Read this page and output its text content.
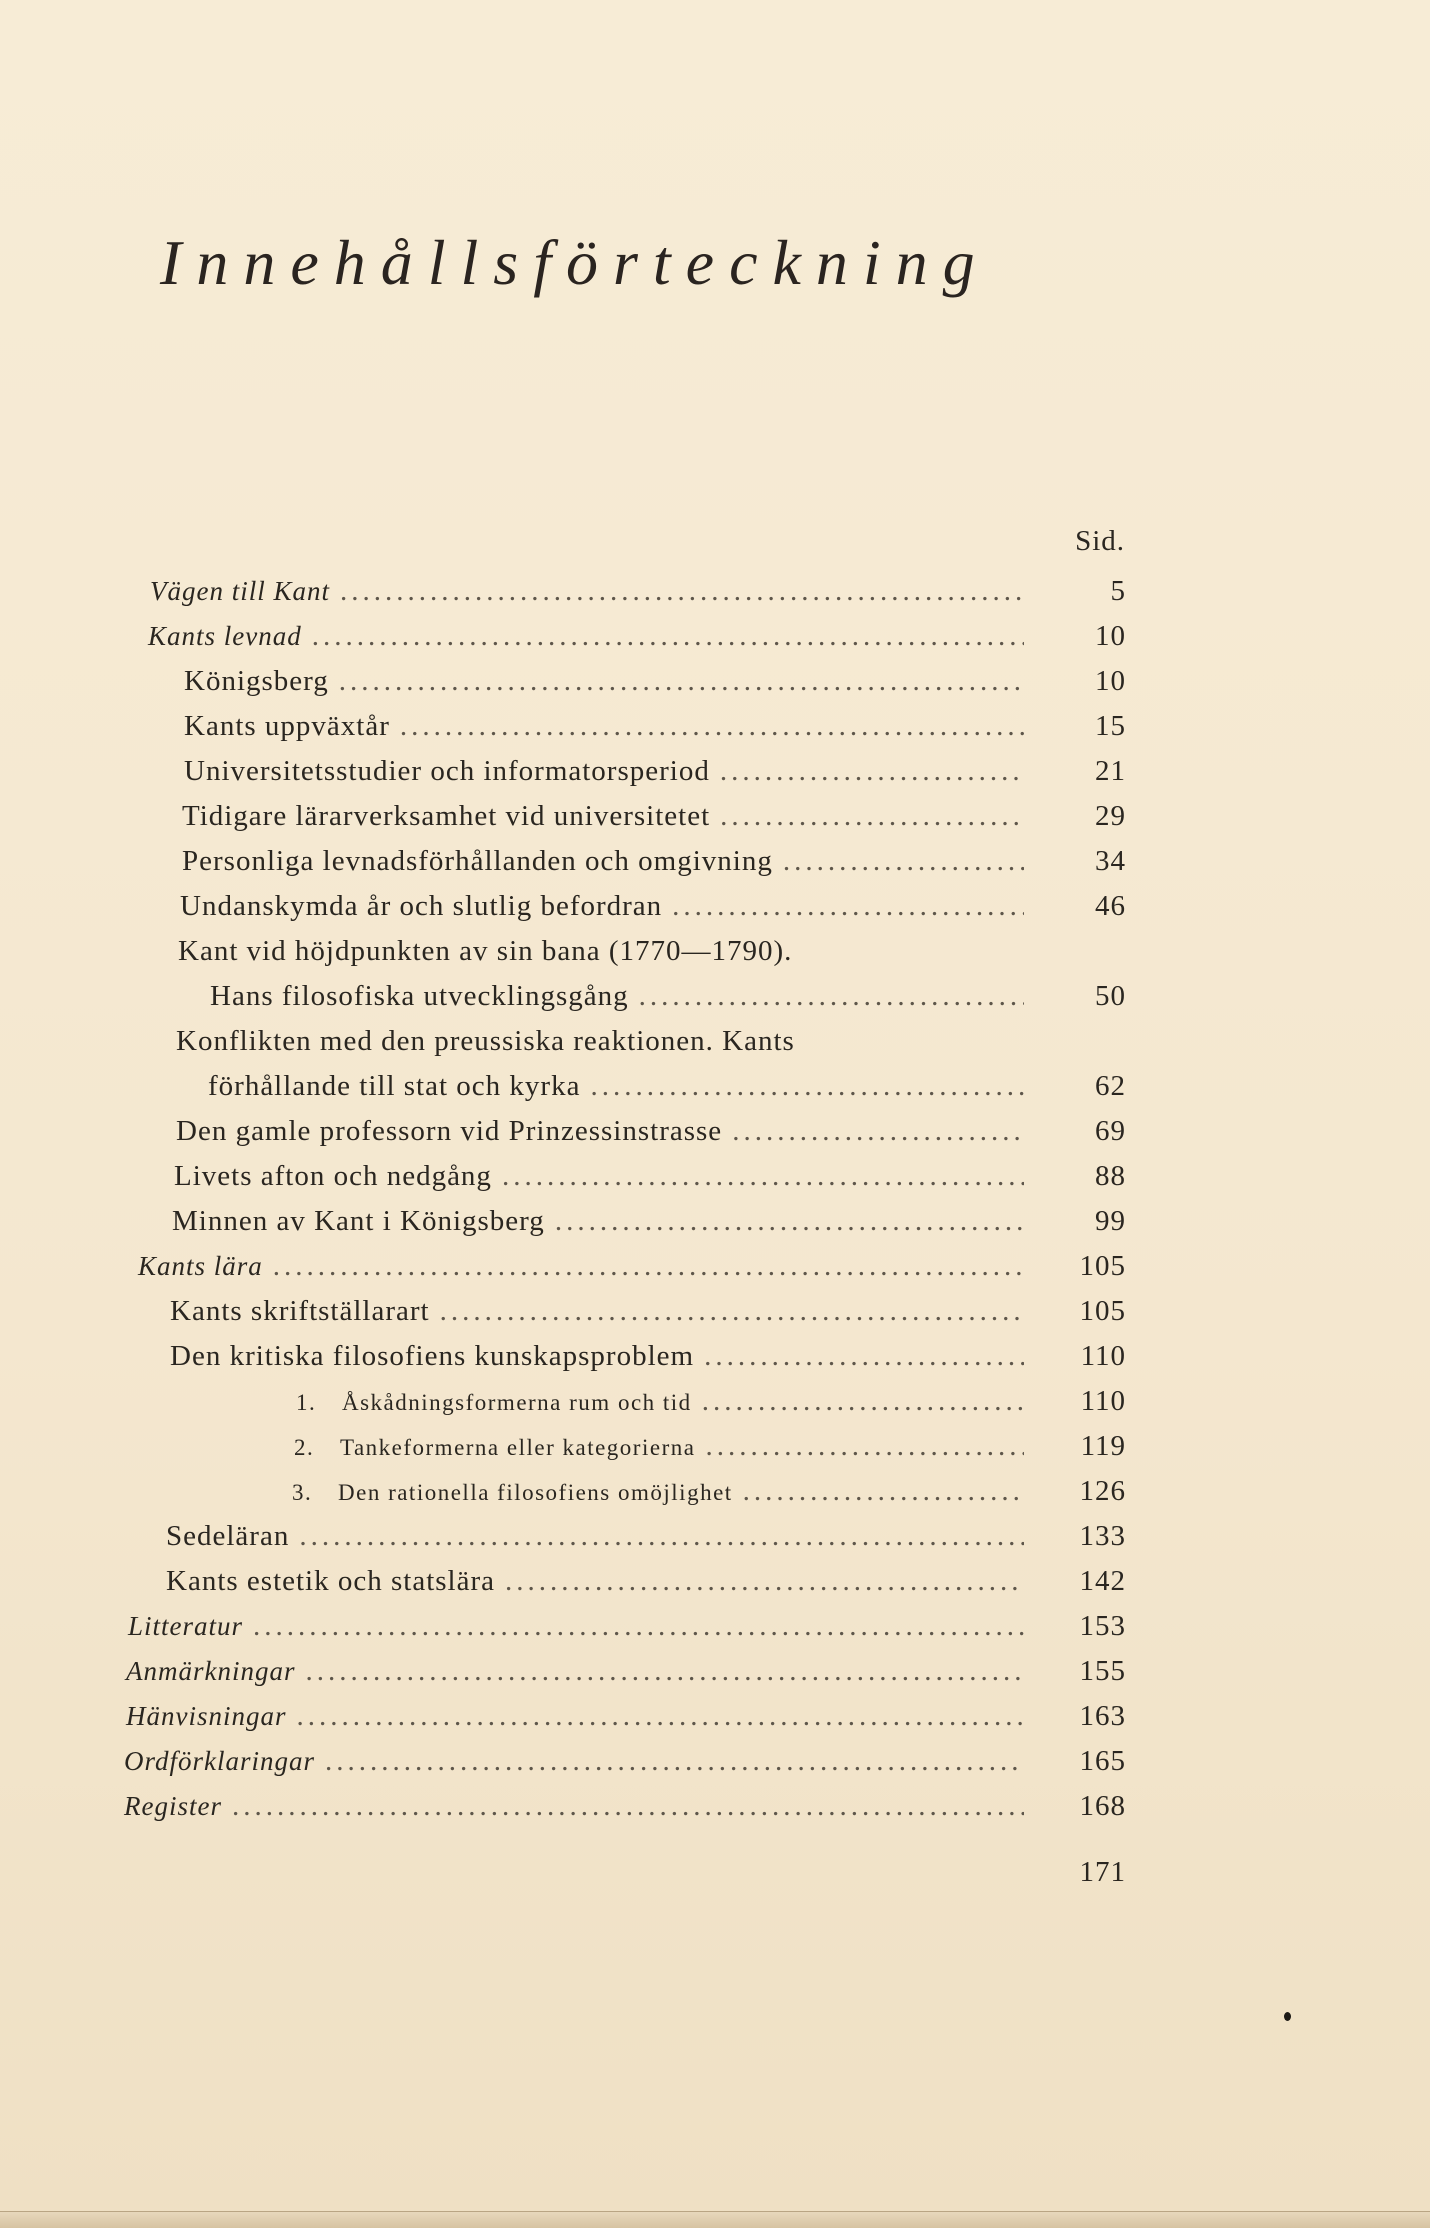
Innehållsförteckning
Sid.
Vägen till Kant .....	5
Kants levnad .....	10
Königsberg .....	10
Kants uppväxtår .....	15
Universitetsstudier och informatorsperiod .....	21
Tidigare lärarverksamhet vid universitetet .....	29
Personliga levnadsförhållanden och omgivning .....	34
Undanskymda år och slutlig befordran .....	46
Kant vid höjdpunkten av sin bana (1770—1790).
Hans filosofiska utvecklingsgång .....	50
Konflikten med den preussiska reaktionen. Kants
förhållande till stat och kyrka .....	62
Den gamle professorn vid Prinzessinstrasse .....	69
Livets afton och nedgång .....	88
Minnen av Kant i Königsberg .....	99
Kants lära .....	105
Kants skriftställarart .....	105
Den kritiska filosofiens kunskapsproblem .....	110
1. Åskådningsformerna rum och tid .....	110
2. Tankeformerna eller kategorierna .....	119
3. Den rationella filosofiens omöjlighet .....	126
Sedeläran .....	133
Kants estetik och statslära .....	142
Litteratur .....	153
Anmärkningar .....	155
Hänvisningar .....	163
Ordförklaringar .....	165
Register .....	168
171
